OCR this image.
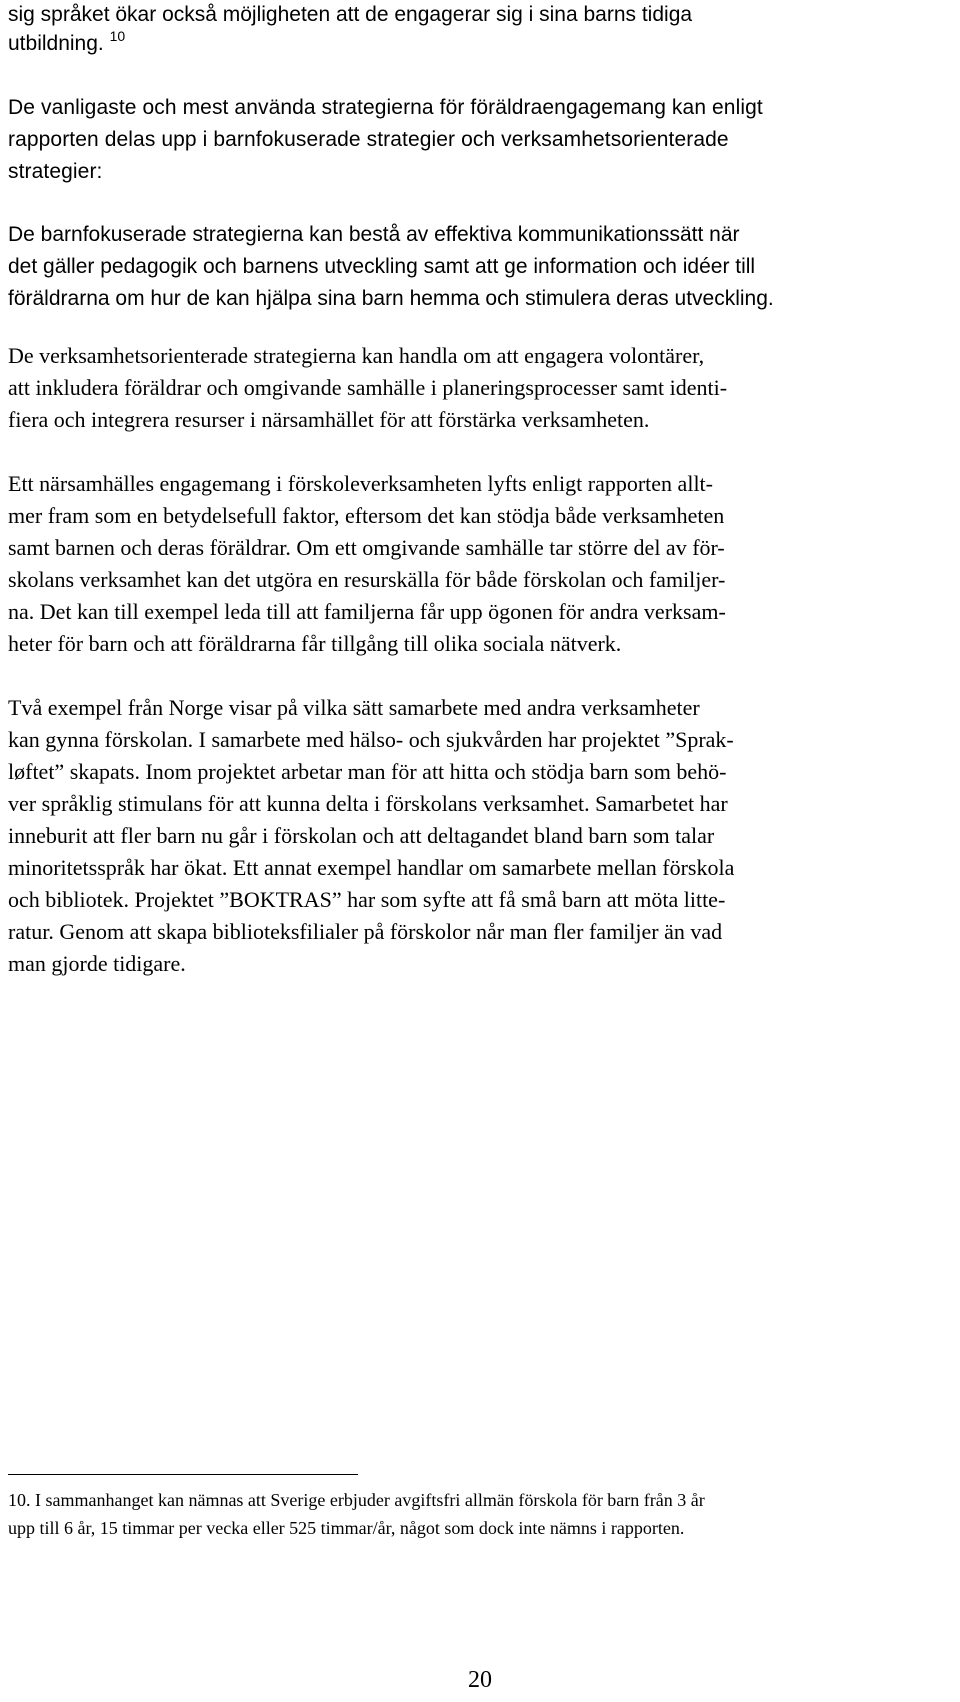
sig språket ökar också möjligheten att de engagerar sig i sina barns tidiga
utbildning. $^{10}$
De vanligaste och mest använda strategierna för föräldraengagemang kan enligt
rapporten delas upp i barnfokuserade strategier och verksamhetsorienterade
strategier:
De barnfokuserade strategierna kan bestå av effektiva kommunikationssätt när
det gäller pedagogik och barnens utveckling samt att ge information och idéer till
föräldrarna om hur de kan hjälpa sina barn hemma och stimulera deras utveckling.
De verksamhetsorienterade strategierna kan handla om att engagera volontärer,
att inkludera föräldrar och omgivande samhälle i planeringsprocesser samt identi-
fiera och integrera resurser i närsamhället för att förstärka verksamheten.
Ett närsamhälles engagemang i förskoleverksamheten lyfts enligt rapporten allt-
mer fram som en betydelsefull faktor, eftersom det kan stödja både verksamheten
samt barnen och deras föräldrar. Om ett omgivande samhälle tar större del av för-
skolans verksamhet kan det utgöra en resurskälla för både förskolan och familjer-
na. Det kan till exempel leda till att familjerna får upp ögonen för andra verksam-
heter för barn och att föräldrarna får tillgång till olika sociala nätverk.
Två exempel från Norge visar på vilka sätt samarbete med andra verksamheter
kan gynna förskolan. I samarbete med hälso- och sjukvården har projektet ”Sprak-
løftet” skapats. Inom projektet arbetar man för att hitta och stödja barn som behö-
ver språklig stimulans för att kunna delta i förskolans verksamhet. Samarbetet har
inneburit att fler barn nu går i förskolan och att deltagandet bland barn som talar
minoritetsspråk har ökat. Ett annat exempel handlar om samarbete mellan förskola
och bibliotek. Projektet ”BOKTRAS” har som syfte att få små barn att möta litte-
ratur. Genom att skapa biblioteksfilialer på förskolor når man fler familjer än vad
man gjorde tidigare.
10. I sammanhanget kan nämnas att Sverige erbjuder avgiftsfri allmän förskola för barn från 3 år
upp till 6 år, 15 timmar per vecka eller 525 timmar/år, något som dock inte nämns i rapporten.
20
